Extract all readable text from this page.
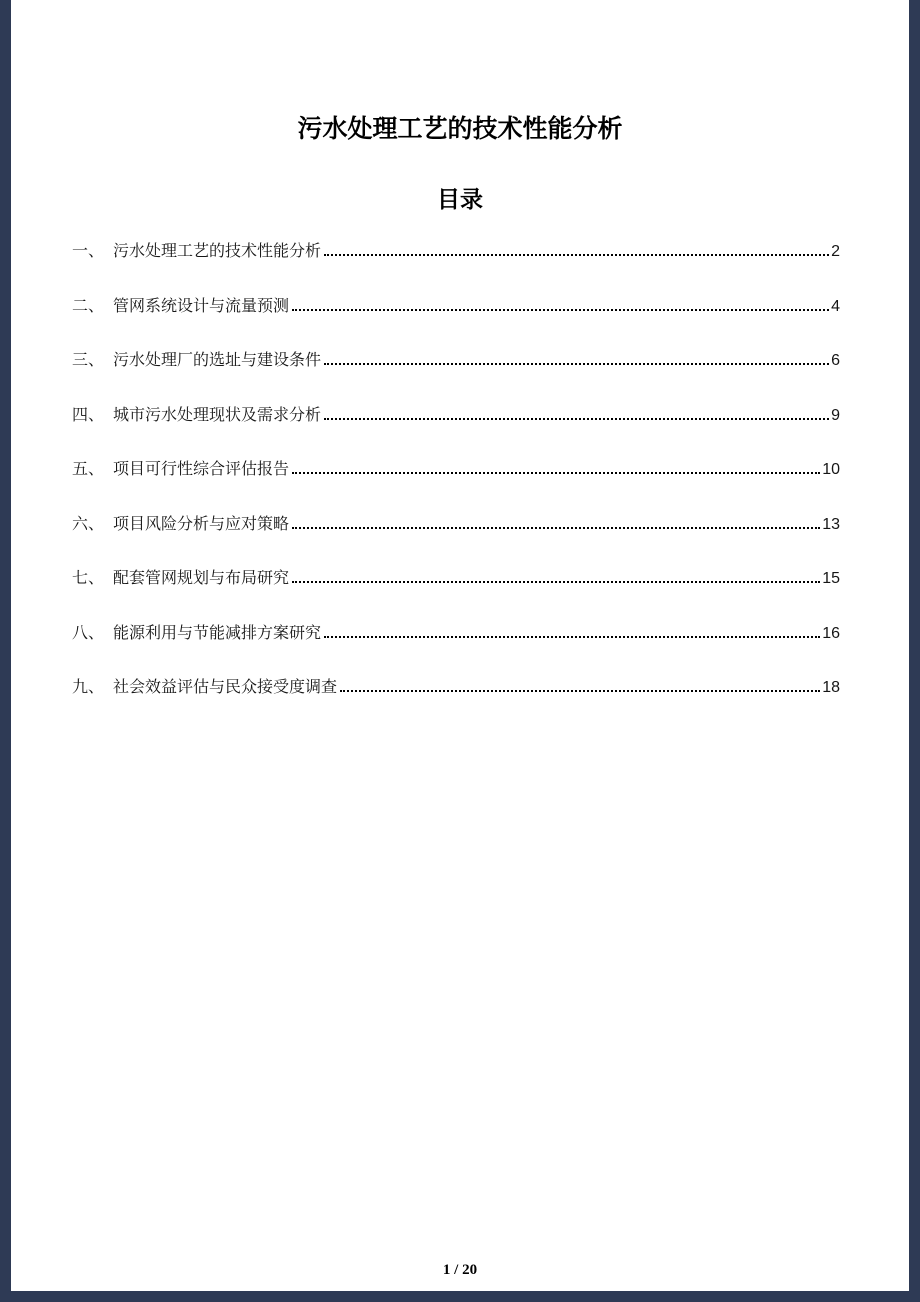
污水处理工艺的技术性能分析
目录
一、 污水处理工艺的技术性能分析	2
二、 管网系统设计与流量预测	4
三、 污水处理厂的选址与建设条件	6
四、 城市污水处理现状及需求分析	9
五、 项目可行性综合评估报告	10
六、 项目风险分析与应对策略	13
七、 配套管网规划与布局研究	15
八、 能源利用与节能减排方案研究	16
九、 社会效益评估与民众接受度调查	18
1 / 20
